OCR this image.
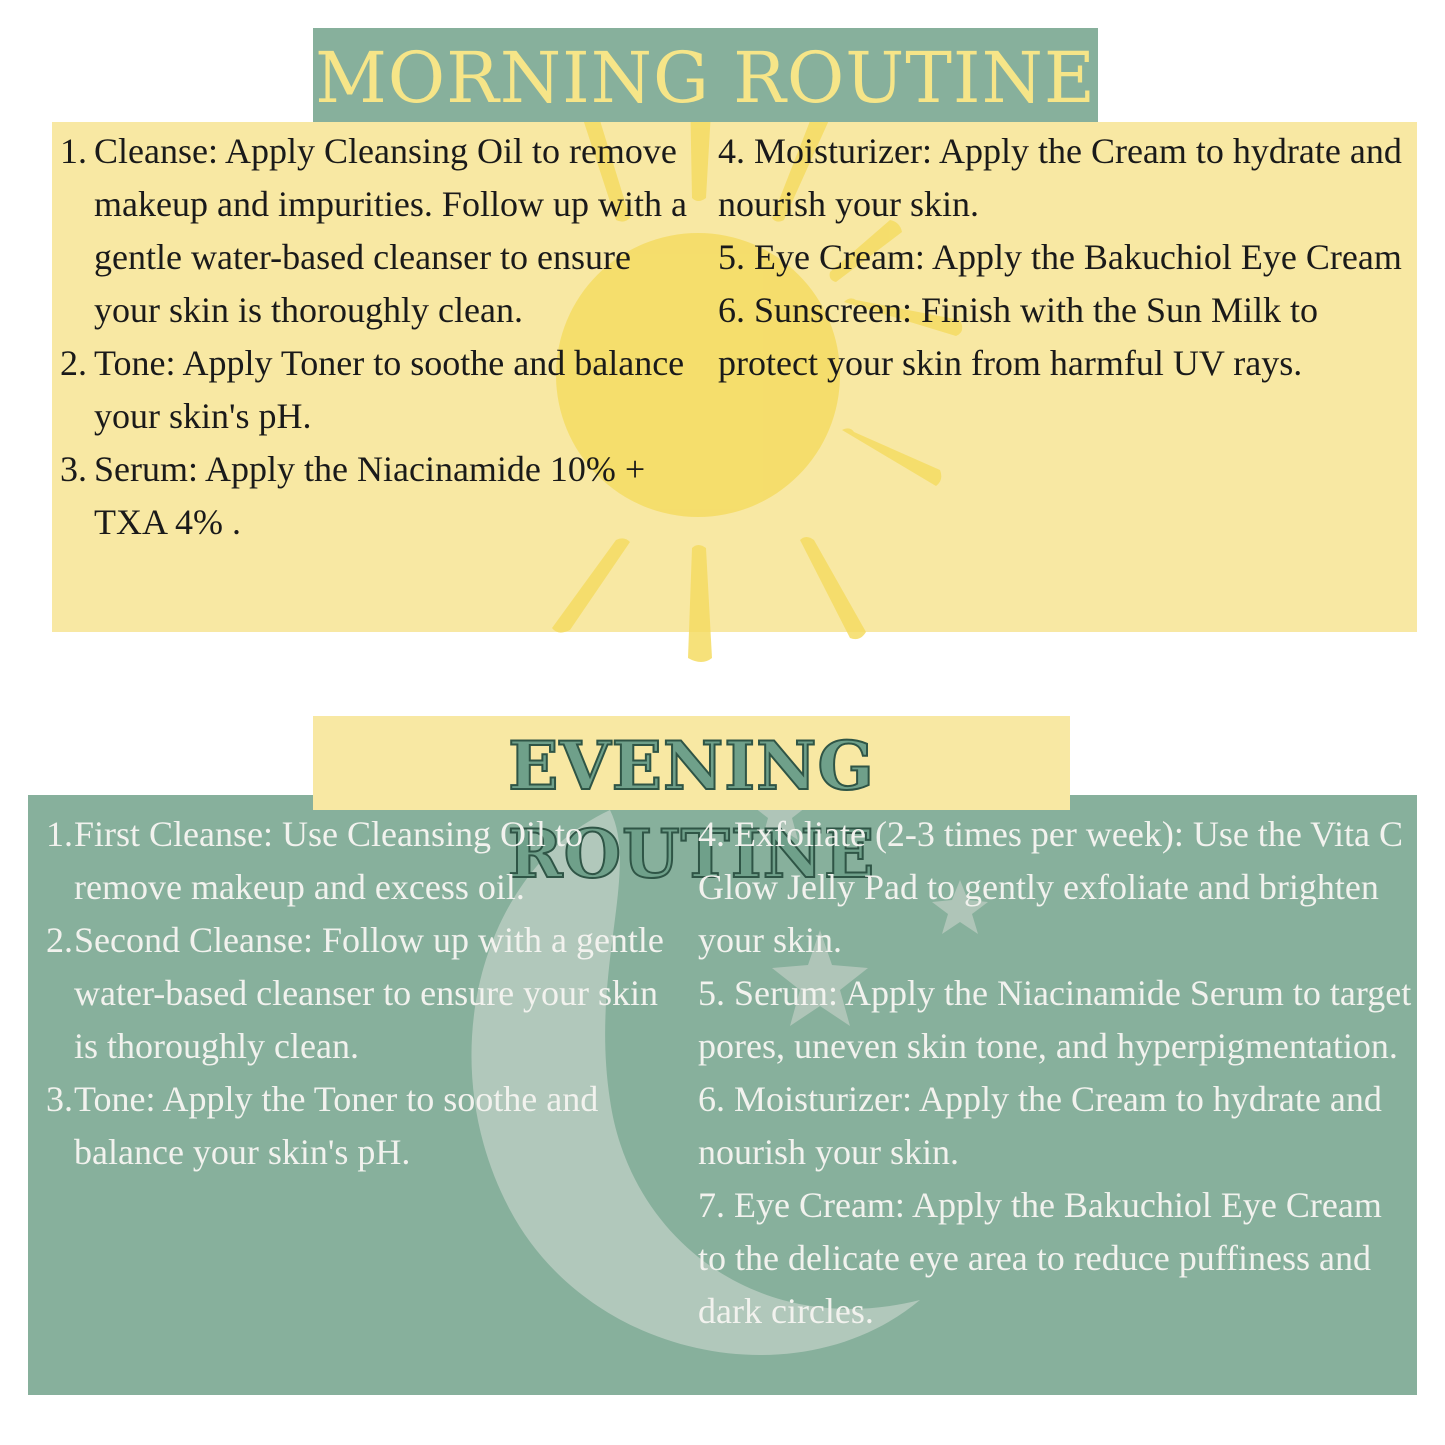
MORNING ROUTINE
1. Cleanse: Apply Cleansing Oil to remove makeup and impurities. Follow up with a gentle water-based cleanser to ensure your skin is thoroughly clean.
2. Tone: Apply Toner to soothe and balance your skin's pH.
3. Serum: Apply the Niacinamide 10% + TXA 4% .

4. Moisturizer: Apply the Cream to hydrate and nourish your skin.

5. Eye Cream: Apply the Bakuchiol Eye Cream

6. Sunscreen: Finish with the Sun Milk to protect your skin from harmful UV rays.

EVENING ROUTINE
1. First Cleanse: Use Cleansing Oil to remove makeup and excess oil.
2. Second Cleanse: Follow up with a gentle water-based cleanser to ensure your skin is thoroughly clean.
3. Tone: Apply the Toner to soothe and balance your skin's pH.

4. Exfoliate (2-3 times per week): Use the Vita C Glow Jelly Pad to gently exfoliate and brighten your skin.

5. Serum: Apply the Niacinamide Serum to target pores, uneven skin tone, and hyperpigmentation.

6. Moisturizer: Apply the Cream to hydrate and nourish your skin.

7. Eye Cream: Apply the Bakuchiol Eye Cream to the delicate eye area to reduce puffiness and dark circles.
